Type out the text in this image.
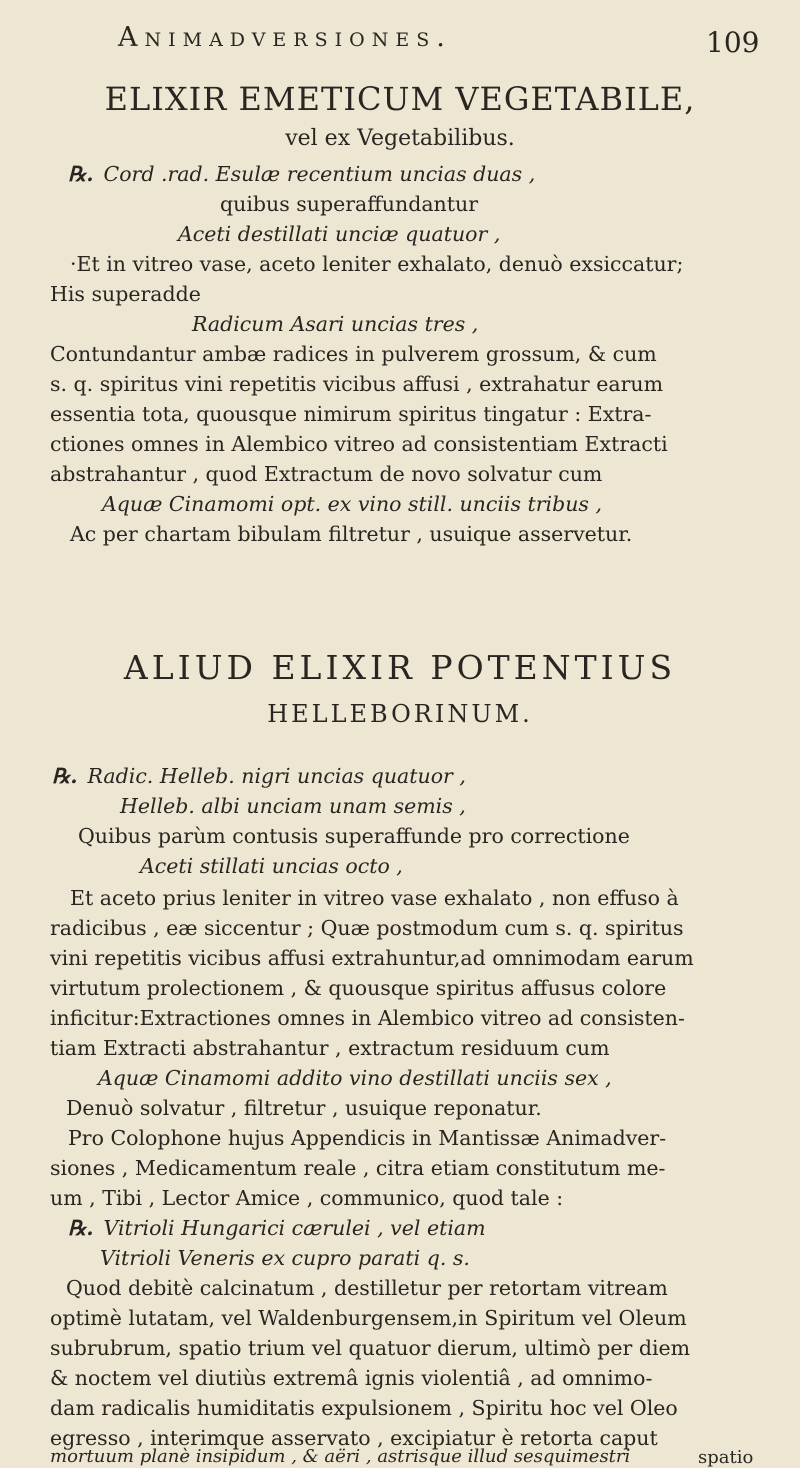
Animadversiones.	109
ELIXIR EMETICUM VEGETABILE,
vel ex Vegetabilibus.
℞. Cord .rad. Esulæ recentium uncias duas ,
quibus superaffundantur
Aceti destillati unciæ quatuor ,
·Et in vitreo vase, aceto leniter exhalato, denuò exsiccatur;
His superadde
Radicum Asari uncias tres ,
Contundantur ambæ radices in pulverem grossum, & cum
s. q. spiritus vini repetitis vicibus affusi , extrahatur earum
essentia tota, quousque nimirum spiritus tingatur : Extra-
ctiones omnes in Alembico vitreo ad consistentiam Extracti
abstrahantur , quod Extractum de novo solvatur cum
Aquæ Cinamomi opt. ex vino still. unciis tribus ,
Ac per chartam bibulam filtretur , usuique asservetur.
ALIUD ELIXIR POTENTIUS
HELLEBORINUM.
℞. Radic. Helleb. nigri uncias quatuor ,
Helleb. albi unciam unam semis ,
Quibus parùm contusis superaffunde pro correctione
Aceti stillati uncias octo ,
Et aceto prius leniter in vitreo vase exhalato , non effuso à
radicibus , eæ siccentur ; Quæ postmodum cum s. q. spiritus
vini repetitis vicibus affusi extrahuntur,ad omnimodam earum
virtutum prolectionem , & quousque spiritus affusus colore
inficitur:Extractiones omnes in Alembico vitreo ad consisten-
tiam Extracti abstrahantur , extractum residuum cum
Aquæ Cinamomi addito vino destillati unciis sex ,
Denuò solvatur , filtretur , usuique reponatur.
Pro Colophone hujus Appendicis in Mantissæ Animadver-
siones , Medicamentum reale , citra etiam constitutum me-
um , Tibi , Lector Amice , communico, quod tale :
℞. Vitrioli Hungarici cærulei , vel etiam
Vitrioli Veneris ex cupro parati q. s.
Quod debitè calcinatum , destilletur per retortam vitream
optimè lutatam, vel Waldenburgensem,in Spiritum vel Oleum
subrubrum, spatio trium vel quatuor dierum, ultimò per diem
& noctem vel diutiùs extremâ ignis violentiâ , ad omnimo-
dam radicalis humiditatis expulsionem , Spiritu hoc vel Oleo
egresso , interimque asservato , excipiatur è retorta caput
mortuum planè insipidum , & aëri , astrisque illud sesquimestri	spatio
